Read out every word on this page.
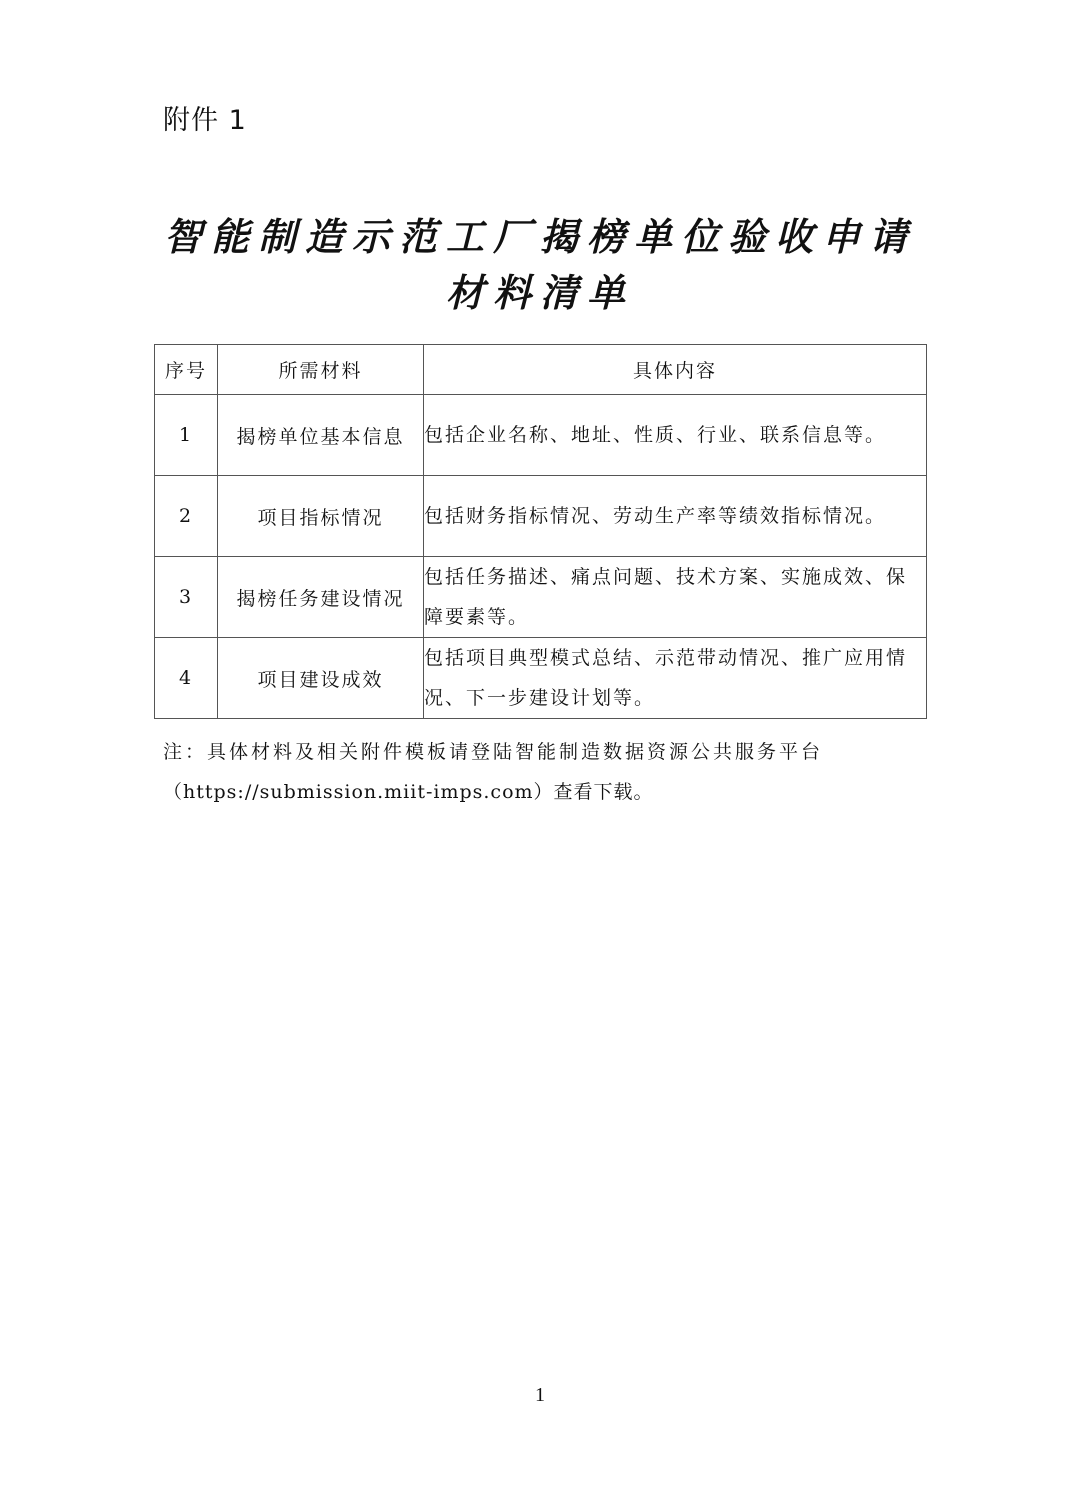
附件 1
智能制造示范工厂揭榜单位验收申请
材料清单
序号	所需材料	具体内容
1	揭榜单位基本信息	包括企业名称、地址、性质、行业、联系信息等。
2	项目指标情况	包括财务指标情况、劳动生产率等绩效指标情况。
3	揭榜任务建设情况	包括任务描述、痛点问题、技术方案、实施成效、保障要素等。
4	项目建设成效	包括项目典型模式总结、示范带动情况、推广应用情况、下一步建设计划等。
注：具体材料及相关附件模板请登陆智能制造数据资源公共服务平台
（https://submission.miit-imps.com）查看下载。
1
